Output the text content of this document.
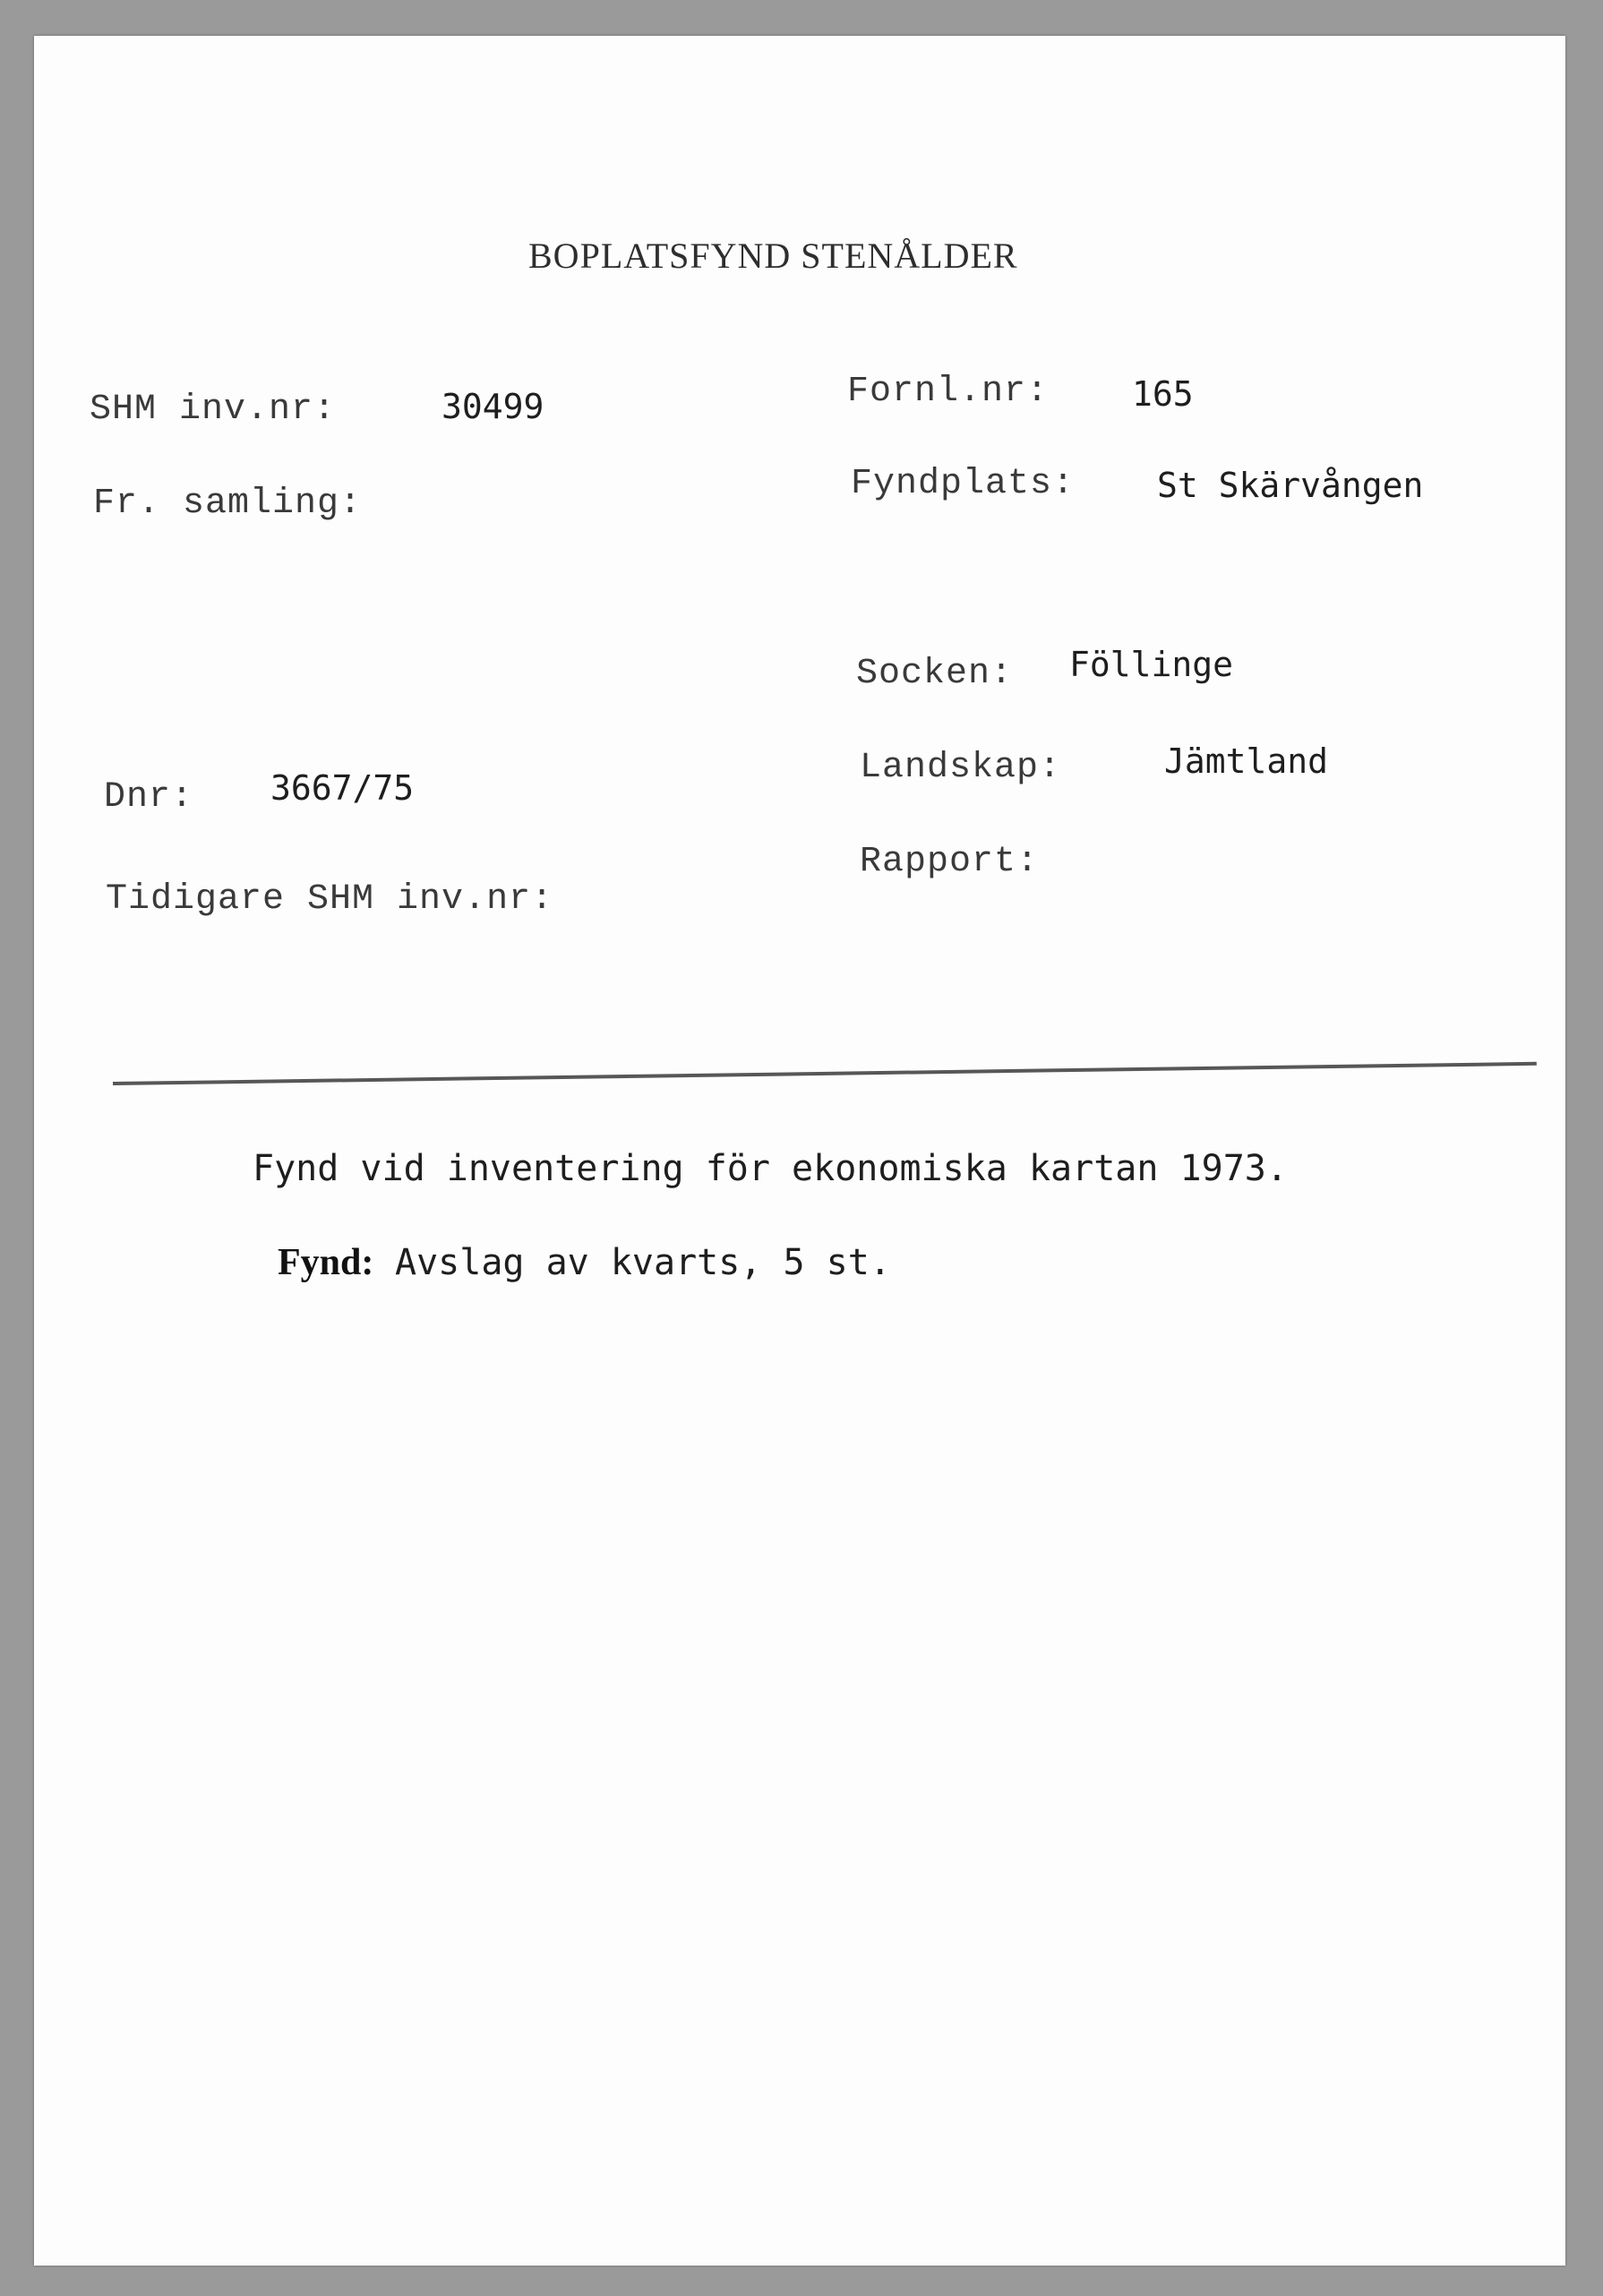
BOPLATSFYND STENÅLDER
SHM inv.nr:	30499
Fr. samling:
Dnr: 3667/75
Tidigare SHM inv.nr:
Fornl.nr: 165
Fyndplats: St Skärvången
Socken: Föllinge
Landskap:	Jämtland
Rapport:
Fynd vid inventering för ekonomiska kartan 1973.
Fynd: Avslag av kvarts, 5 st.
